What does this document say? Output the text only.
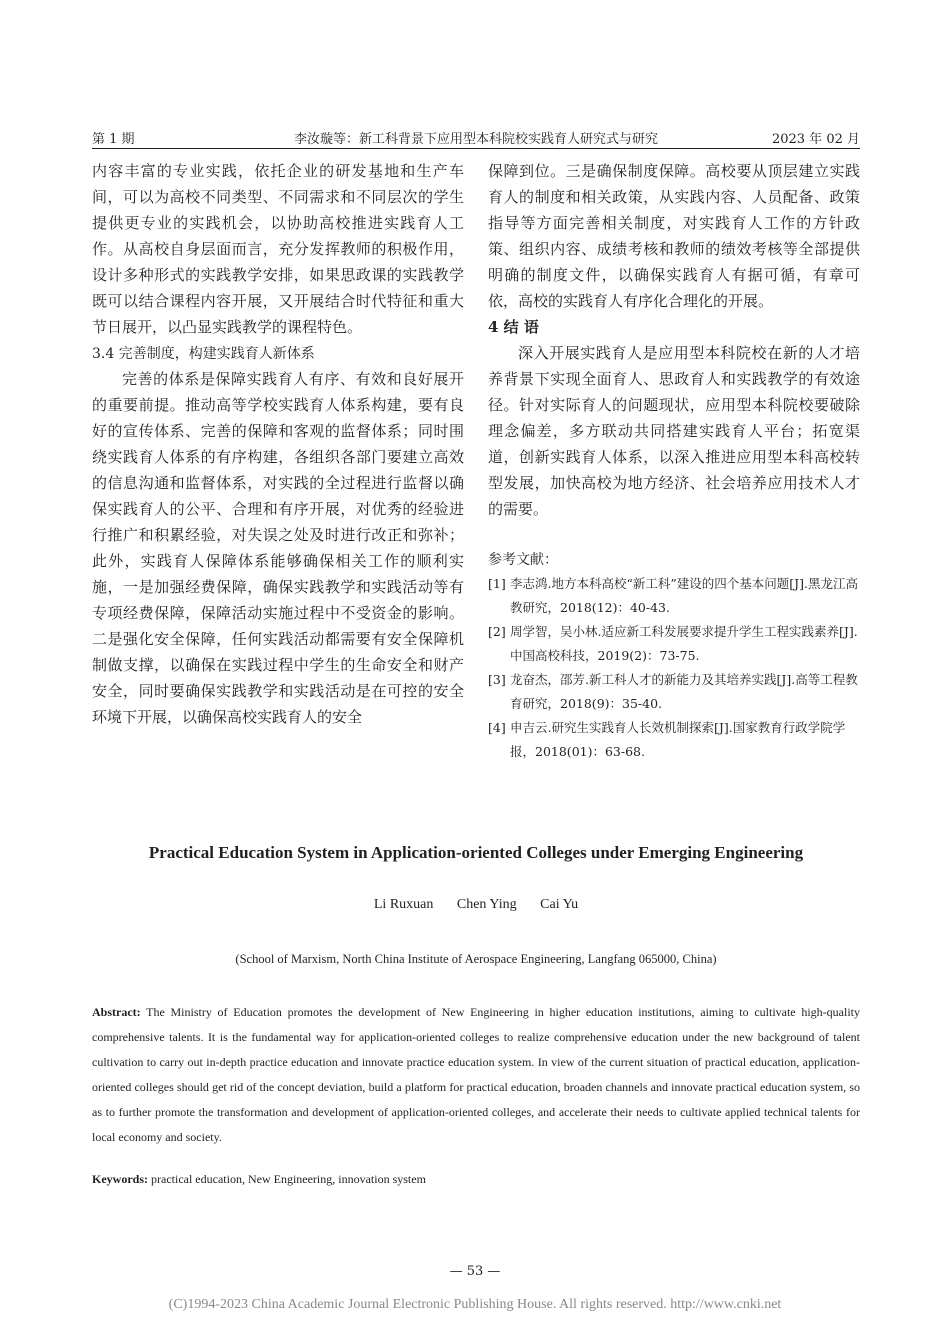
第 1 期	李汝璇等：新工科背景下应用型本科院校实践育人研究式与研究	2023 年 02 月

内容丰富的专业实践，依托企业的研发基地和生产车间，可以为高校不同类型、不同需求和不同层次的学生提供更专业的实践机会，以协助高校推进实践育人工作。从高校自身层面而言，充分发挥教师的积极作用，设计多种形式的实践教学安排，如果思政课的实践教学既可以结合课程内容开展，又开展结合时代特征和重大节日展开，以凸显实践教学的课程特色。

3.4 完善制度，构建实践育人新体系

完善的体系是保障实践育人有序、有效和良好展开的重要前提。推动高等学校实践育人体系构建，要有良好的宣传体系、完善的保障和客观的监督体系；同时围绕实践育人体系的有序构建，各组织各部门要建立高效的信息沟通和监督体系，对实践的全过程进行监督以确保实践育人的公平、合理和有序开展，对优秀的经验进行推广和积累经验，对失误之处及时进行改正和弥补；此外，实践育人保障体系能够确保相关工作的顺利实施，一是加强经费保障，确保实践教学和实践活动等有专项经费保障，保障活动实施过程中不受资金的影响。二是强化安全保障，任何实践活动都需要有安全保障机制做支撑，以确保在实践过程中学生的生命安全和财产安全，同时要确保实践教学和实践活动是在可控的安全环境下开展，以确保高校实践育人的安全

保障到位。三是确保制度保障。高校要从顶层建立实践育人的制度和相关政策，从实践内容、人员配备、政策指导等方面完善相关制度，对实践育人工作的方针政策、组织内容、成绩考核和教师的绩效考核等全部提供明确的制度文件，以确保实践育人有据可循，有章可依，高校的实践育人有序化合理化的开展。

4 结 语

深入开展实践育人是应用型本科院校在新的人才培养背景下实现全面育人、思政育人和实践教学的有效途径。针对实际育人的问题现状，应用型本科院校要破除理念偏差，多方联动共同搭建实践育人平台；拓宽渠道，创新实践育人体系，以深入推进应用型本科高校转型发展，加快高校为地方经济、社会培养应用技术人才的需要。

参考文献：
[1] 李志鸿.地方本科高校“新工科”建设的四个基本问题[J].黑龙江高教研究，2018(12)：40-43.
[2] 周学智，吴小林.适应新工科发展要求提升学生工程实践素养[J].中国高校科技，2019(2)：73-75.
[3] 龙奋杰，邵芳.新工科人才的新能力及其培养实践[J].高等工程教育研究，2018(9)：35-40.
[4] 申吉云.研究生实践育人长效机制探索[J].国家教育行政学院学报，2018(01)：63-68.
Practical Education System in Application-oriented Colleges under Emerging Engineering
Li Ruxuan Chen Ying Cai Yu
(School of Marxism, North China Institute of Aerospace Engineering, Langfang 065000, China)
Abstract: The Ministry of Education promotes the development of New Engineering in higher education institutions, aiming to cultivate high-quality comprehensive talents. It is the fundamental way for application-oriented colleges to realize comprehensive education under the new background of talent cultivation to carry out in-depth practice education and innovate practice education system. In view of the current situation of practical education, application-oriented colleges should get rid of the concept deviation, build a platform for practical education, broaden channels and innovate practical education system, so as to further promote the transformation and development of application-oriented colleges, and accelerate their needs to cultivate applied technical talents for local economy and society.
Keywords: practical education, New Engineering, innovation system
— 53 —
(C)1994-2023 China Academic Journal Electronic Publishing House. All rights reserved. http://www.cnki.net
